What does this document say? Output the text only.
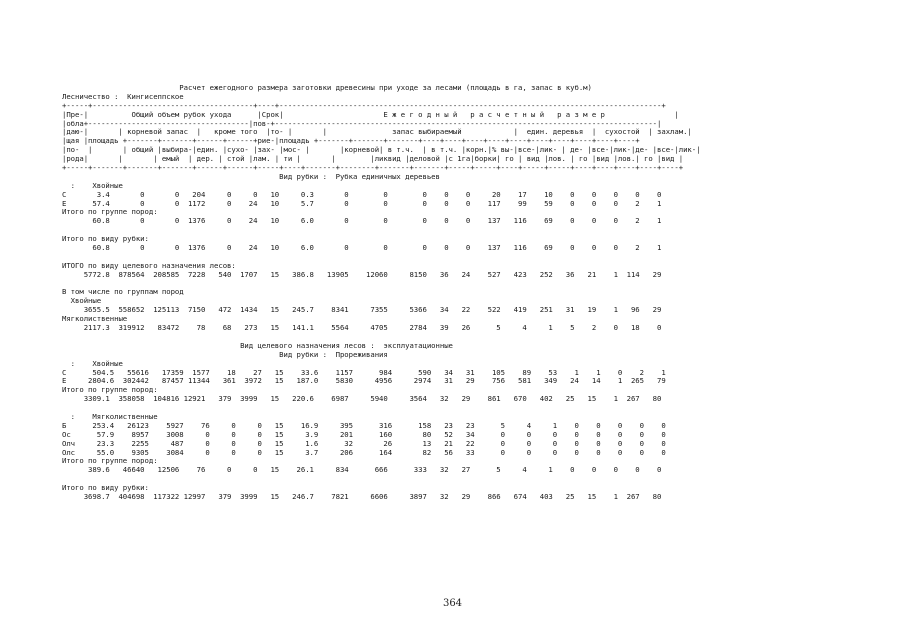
Расчет ежегодного размера заготовки древесины при уходе за лесами (площадь в га, запас в куб.м)
Лесничество :  Кингисеппское
+-----+-------------------------------------+----+----------------------------------------------------------------------------------------+
|Пре-|          Общий объем рубок ухода      |Срок|                       Е ж е г о д н ы й   р а с ч е т н ы й   р а з м е р                |
|обла+-------------------------------------|пов-+----------------------------------------------------------------------------------------|
|даю-|       | корневой запас  |   кроме того  |то- |       |               запас выбираемый            |  един. деревья  |  сухостой  | захлам.|
|щая |площадь +-------+-------+------+------+рие-|площадь +-------+-------+-------+----+----+----+----+----+----+----+----+----+----+
|по-  |       | общий |выбира-|един. |сухо- |зах- |мос- |       |корневой| в т.ч.  | в т.ч. |корн.|% вы-|все-|лик- | де- |все-|лик-|де- |все-|лик-|
|рода|       |       | емый  | дер. | стой |лам. | ти |       |        |ликвид |деловой |с 1га|борки| го | вид |лов. | го |вид |лов.| го |вид |
+-----+-------+-------+-------+------+------+-----+----+-------+--------+-------+-------+-----+-----+----+-----+-----+----+----+----+----+----+
Вид рубки :  Рубка единичных деревьев
:    Хвойные
С       3.4       0       0   204     0     0   10     0.3       0        0        0    0    0     20    17    10    0    0    0    0    0
Е      57.4       0       0  1172     0    24   10     5.7       0        0        0    0    0    117    99    59    0    0    0    2    1
Итого по группе пород:
60.8       0       0  1376     0    24   10     6.0       0        0        0    0    0    137   116    69    0    0    0    2    1

Итого по виду рубки:
60.8       0       0  1376     0    24   10     6.0       0        0        0    0    0    137   116    69    0    0    0    2    1

ИТОГО по виду целевого назначения лесов:
5772.8  878564  208585  7228   540  1707   15   386.8   13905    12060     8150   36   24    527   423   252   36   21    1  114   29

В том числе по группам пород
Хвойные
3655.5  558652  125113  7150   472  1434   15   245.7    8341     7355     5366   34   22    522   419   251   31   19    1   96   29
Мягколиственные
2117.3  319912   83472    78    68   273   15   141.1    5564     4705     2784   39   26      5     4     1    5    2    0   18    0

Вид целевого назначения лесов :  эксплуатационные
Вид рубки :  Прореживания
:    Хвойные
С      504.5   55616   17359  1577    18    27   15    33.6    1157      984      590   34   31    105    89    53    1    1    0    2    1
Е     2804.6  302442   87457 11344   361  3972   15   187.0    5830     4956     2974   31   29    756   581   349   24   14    1  265   79
Итого по группе пород:
3309.1  358058  104816 12921   379  3999   15   220.6    6987     5940     3564   32   29    861   670   402   25   15    1  267   80

:    Мягколиственные
Б      253.4   26123    5927    76     0     0   15    16.9     395      316      158   23   23      5     4     1    0    0    0    0    0
Ос      57.9    8957    3008     0     0     0   15     3.9     201      160       80   52   34      0     0     0    0    0    0    0    0
Олч     23.3    2255     487     0     0     0   15     1.6      32       26       13   21   22      0     0     0    0    0    0    0    0
Олс     55.0    9305    3084     0     0     0   15     3.7     206      164       82   56   33      0     0     0    0    0    0    0    0
Итого по группе пород:
389.6   46640   12506    76     0     0   15    26.1     834      666      333   32   27      5     4     1    0    0    0    0    0

Итого по виду рубки:
3698.7  404698  117322 12997   379  3999   15   246.7    7821     6606     3897   32   29    866   674   403   25   15    1  267   80
364
